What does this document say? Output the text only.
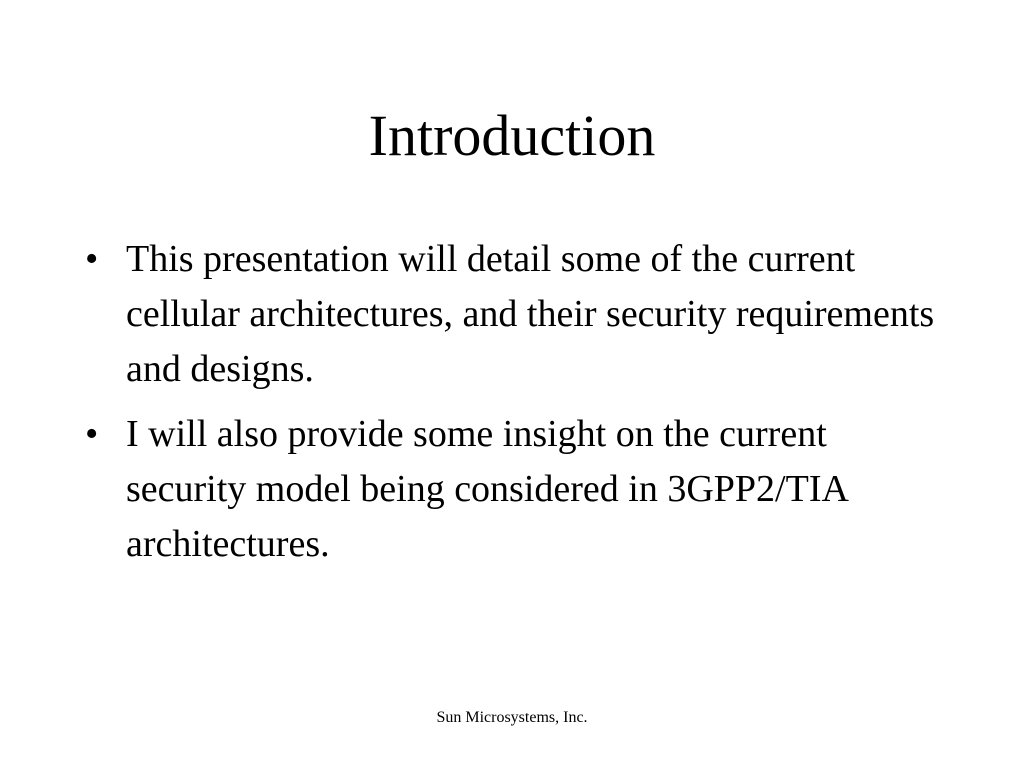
Introduction
• This presentation will detail some of the current cellular architectures, and their security requirements and designs.
• I will also provide some insight on the current security model being considered in 3GPP2/TIA architectures.
Sun Microsystems, Inc.
